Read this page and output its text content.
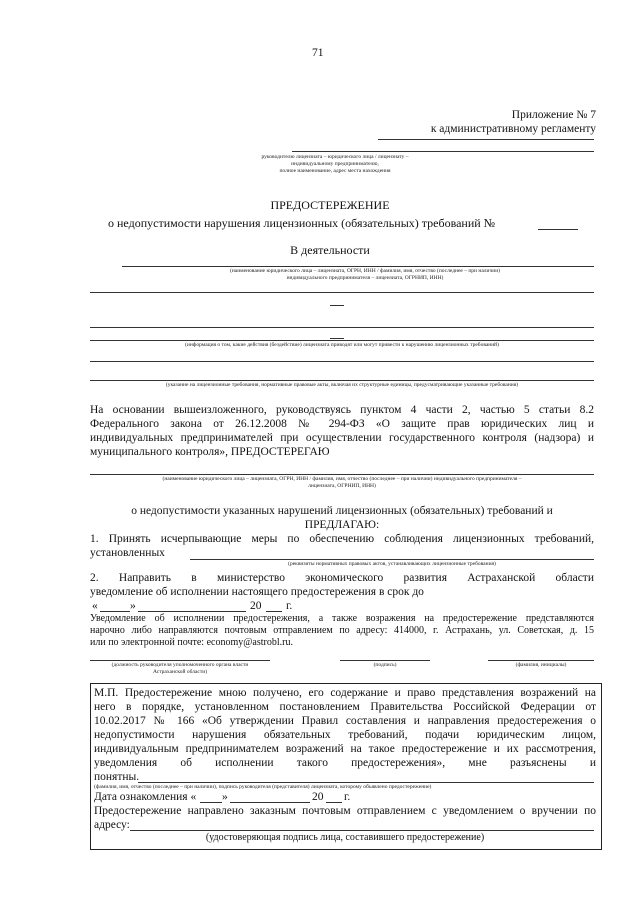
71
Приложение № 7
к административному регламенту
руководителю лицензиата – юридического лица / лицензиату –
индивидуальному предпринимателю,
полное наименование, адрес места нахождения
ПРЕДОСТЕРЕЖЕНИЕ
о недопустимости нарушения лицензионных (обязательных) требований №
В деятельности
(наименование юридического лица – лицензиата, ОГРН, ИНН / фамилия, имя, отчество (последнее – при наличии)
индивидуального предпринимателя – лицензиата, ОГРНИП, ИНН)
(информация о том, какие действия (бездействие) лицензиата приводят или могут привести к нарушению лицензионных требований)
(указание на лицензионные требования, нормативные правовые акты, включая их структурные единицы, предусматривающие указанные требования)
На основании вышеизложенного, руководствуясь пунктом 4 части 2, частью 5 статьи 8.2
Федерального закона от 26.12.2008 № 294-ФЗ «О защите прав юридических лиц и
индивидуальных предпринимателей при осуществлении государственного контроля (надзора) и
муниципального контроля», ПРЕДОСТЕРЕГАЮ
(наименование юридического лица – лицензиата, ОГРН, ИНН / фамилия, имя, отчество (последнее – при наличии) индивидуального предпринимателя –
лицензиата, ОГРНИП, ИНН)
о недопустимости указанных нарушений лицензионных (обязательных) требований и
ПРЕДЛАГАЮ:
1. Принять исчерпывающие меры по обеспечению соблюдения лицензионных требований,
установленных
(реквизиты нормативных правовых актов, устанавливающих лицензионные требования)
2. Направить в министерство экономического развития Астраханской области
уведомление об исполнении настоящего предостережения в срок до
«	»	20 г.
Уведомление об исполнении предостережения, а также возражения на предостережение представляются
нарочно либо направляются почтовым отправлением по адресу: 414000, г. Астрахань, ул. Советская, д. 15
или по электронной почте: economy@astrobl.ru.
(должность руководителя уполномоченного органа власти
Астраханской области)
(подпись)	(фамилия, инициалы)
М.П. Предостережение мною получено, его содержание и право представления возражений на
него в порядке, установленном постановлением Правительства Российской Федерации от
10.02.2017 № 166 «Об утверждении Правил составления и направления предостережения о
недопустимости нарушения обязательных требований, подачи юридическим лицом,
индивидуальным предпринимателем возражений на такое предостережение и их рассмотрения,
уведомления об исполнении такого предостережения», мне разъяснены и
понятны.
(фамилия, имя, отчество (последнее – при наличии), подпись руководителя (представителя) лицензиата, которому объявлено предостережение)
Дата ознакомления « »	20 г.
Предостережение направлено заказным почтовым отправлением с уведомлением о вручении по
адресу:
(удостоверяющая подпись лица, составившего предостережение)
